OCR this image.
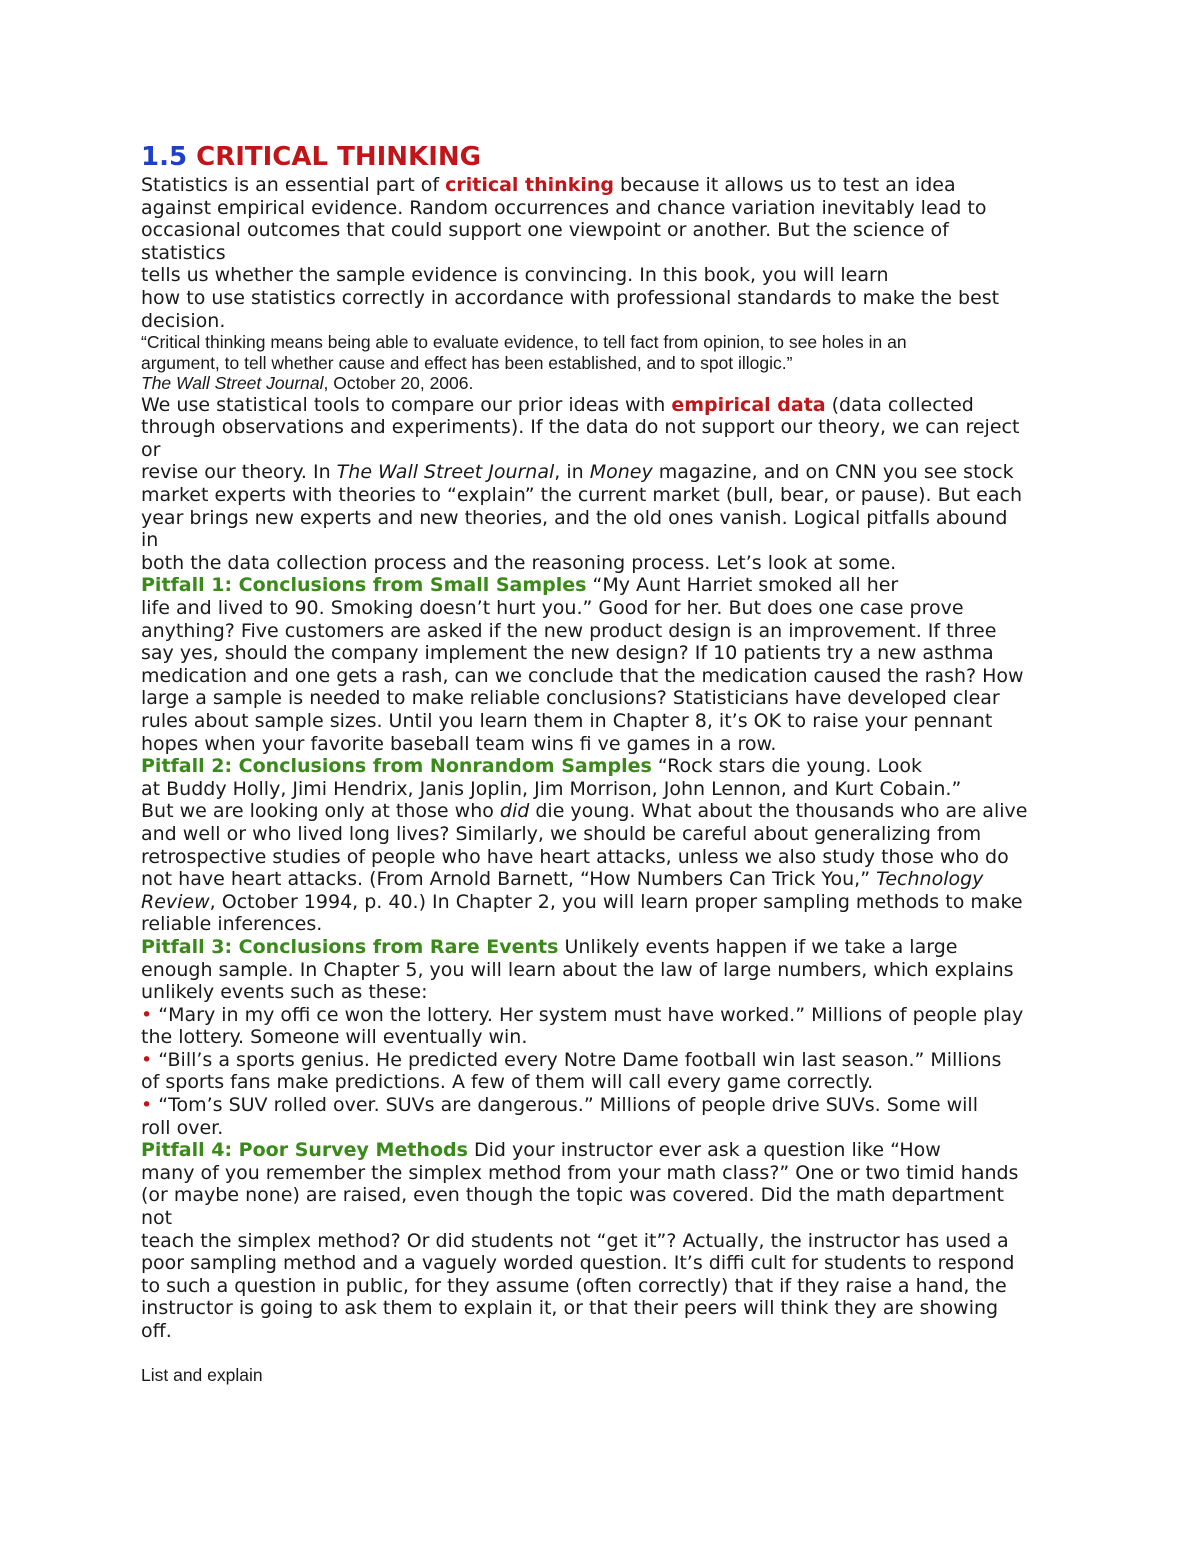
1.5 CRITICAL THINKING
Statistics is an essential part of critical thinking because it allows us to test an idea
against empirical evidence. Random occurrences and chance variation inevitably lead to
occasional outcomes that could support one viewpoint or another. But the science of
statistics
tells us whether the sample evidence is convincing. In this book, you will learn
how to use statistics correctly in accordance with professional standards to make the best
decision.
“Critical thinking means being able to evaluate evidence, to tell fact from opinion, to see holes in an
argument, to tell whether cause and effect has been established, and to spot illogic.”
The Wall Street Journal, October 20, 2006.
We use statistical tools to compare our prior ideas with empirical data (data collected
through observations and experiments). If the data do not support our theory, we can reject
or
revise our theory. In The Wall Street Journal, in Money magazine, and on CNN you see stock
market experts with theories to “explain” the current market (bull, bear, or pause). But each
year brings new experts and new theories, and the old ones vanish. Logical pitfalls abound
in
both the data collection process and the reasoning process. Let’s look at some.
Pitfall 1: Conclusions from Small Samples “My Aunt Harriet smoked all her
life and lived to 90. Smoking doesn’t hurt you.” Good for her. But does one case prove
anything? Five customers are asked if the new product design is an improvement. If three
say yes, should the company implement the new design? If 10 patients try a new asthma
medication and one gets a rash, can we conclude that the medication caused the rash? How
large a sample is needed to make reliable conclusions? Statisticians have developed clear
rules about sample sizes. Until you learn them in Chapter 8, it’s OK to raise your pennant
hopes when your favorite baseball team wins fi ve games in a row.
Pitfall 2: Conclusions from Nonrandom Samples “Rock stars die young. Look
at Buddy Holly, Jimi Hendrix, Janis Joplin, Jim Morrison, John Lennon, and Kurt Cobain.”
But we are looking only at those who did die young. What about the thousands who are alive
and well or who lived long lives? Similarly, we should be careful about generalizing from
retrospective studies of people who have heart attacks, unless we also study those who do
not have heart attacks. (From Arnold Barnett, “How Numbers Can Trick You,” Technology
Review, October 1994, p. 40.) In Chapter 2, you will learn proper sampling methods to make
reliable inferences.
Pitfall 3: Conclusions from Rare Events Unlikely events happen if we take a large
enough sample. In Chapter 5, you will learn about the law of large numbers, which explains
unlikely events such as these:
• “Mary in my offi ce won the lottery. Her system must have worked.” Millions of people play
the lottery. Someone will eventually win.
• “Bill’s a sports genius. He predicted every Notre Dame football win last season.” Millions
of sports fans make predictions. A few of them will call every game correctly.
• “Tom’s SUV rolled over. SUVs are dangerous.” Millions of people drive SUVs. Some will
roll over.
Pitfall 4: Poor Survey Methods Did your instructor ever ask a question like “How
many of you remember the simplex method from your math class?” One or two timid hands
(or maybe none) are raised, even though the topic was covered. Did the math department
not
teach the simplex method? Or did students not “get it”? Actually, the instructor has used a
poor sampling method and a vaguely worded question. It’s diffi cult for students to respond
to such a question in public, for they assume (often correctly) that if they raise a hand, the
instructor is going to ask them to explain it, or that their peers will think they are showing
off.
List and explain
